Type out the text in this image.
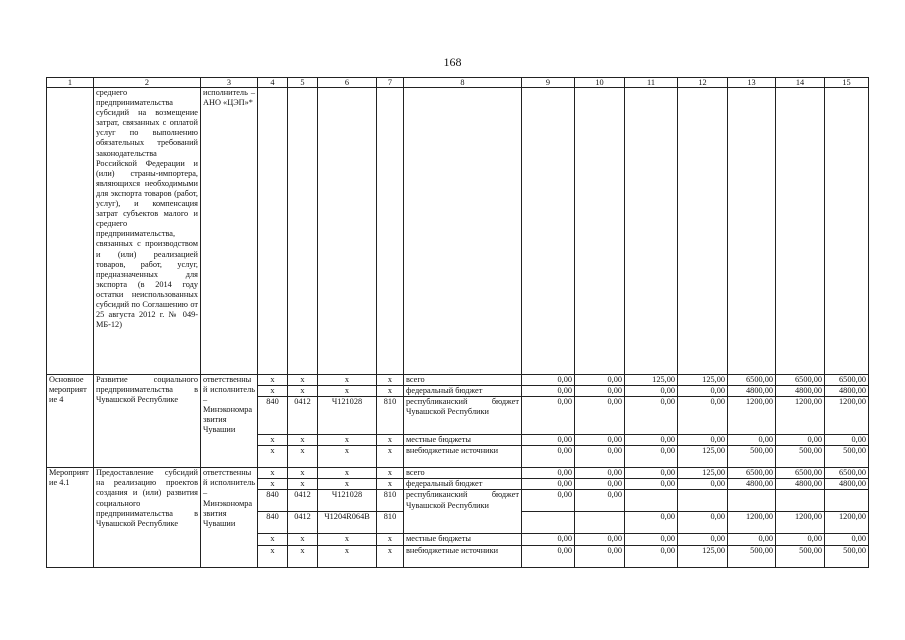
168
1	2	3	4	5	6	7	8	9	10	11	12	13	14	15
	среднего предпринимательства субсидий на возмещение затрат, связанных с оплатой услуг по выполнению обязательных требований законодательства Российской Федерации и (или) страны-импортера, являющихся необходимыми для экспорта товаров (работ, услуг), и компенсация затрат субъектов малого и среднего предпринимательства, связанных с производством и (или) реализацией товаров, работ, услуг, предназначенных для экспорта (в 2014 году остатки неиспользованных субсидий по Соглашению от 25 августа 2012 г. № 049-МБ-12)	исполнитель – АНО «ЦЭП»*												
Основное мероприятие 4	Развитие социального предпринимательства в Чувашской Республике	ответственный исполнитель – Минэкономразвития Чувашии	х	х	х	х	всего	0,00	0,00	125,00	125,00	6500,00	6500,00	6500,00
			х	х	х	х	федеральный бюджет	0,00	0,00	0,00	0,00	4800,00	4800,00	4800,00
			840	0412	Ч121028	810	республиканский бюджет Чувашской Республики	0,00	0,00	0,00	0,00	1200,00	1200,00	1200,00
			х	х	х	х	местные бюджеты	0,00	0,00	0,00	0,00	0,00	0,00	0,00
			х	х	х	х	внебюджетные источники	0,00	0,00	0,00	125,00	500,00	500,00	500,00
Мероприятие 4.1	Предоставление субсидий на реализацию проектов создания и (или) развития социального предпринимательства в Чувашской Республике	ответственный исполнитель – Минэкономразвития Чувашии	х	х	х	х	всего	0,00	0,00	0,00	125,00	6500,00	6500,00	6500,00
			х	х	х	х	федеральный бюджет	0,00	0,00	0,00	0,00	4800,00	4800,00	4800,00
			840	0412	Ч121028	810	республиканский бюджет Чувашской Республики	0,00	0,00					
			840	0412	Ч1204R064В	810				0,00	0,00	1200,00	1200,00	1200,00
			х	х	х	х	местные бюджеты	0,00	0,00	0,00	0,00	0,00	0,00	0,00
			х	х	х	х	внебюджетные источники	0,00	0,00	0,00	125,00	500,00	500,00	500,00
